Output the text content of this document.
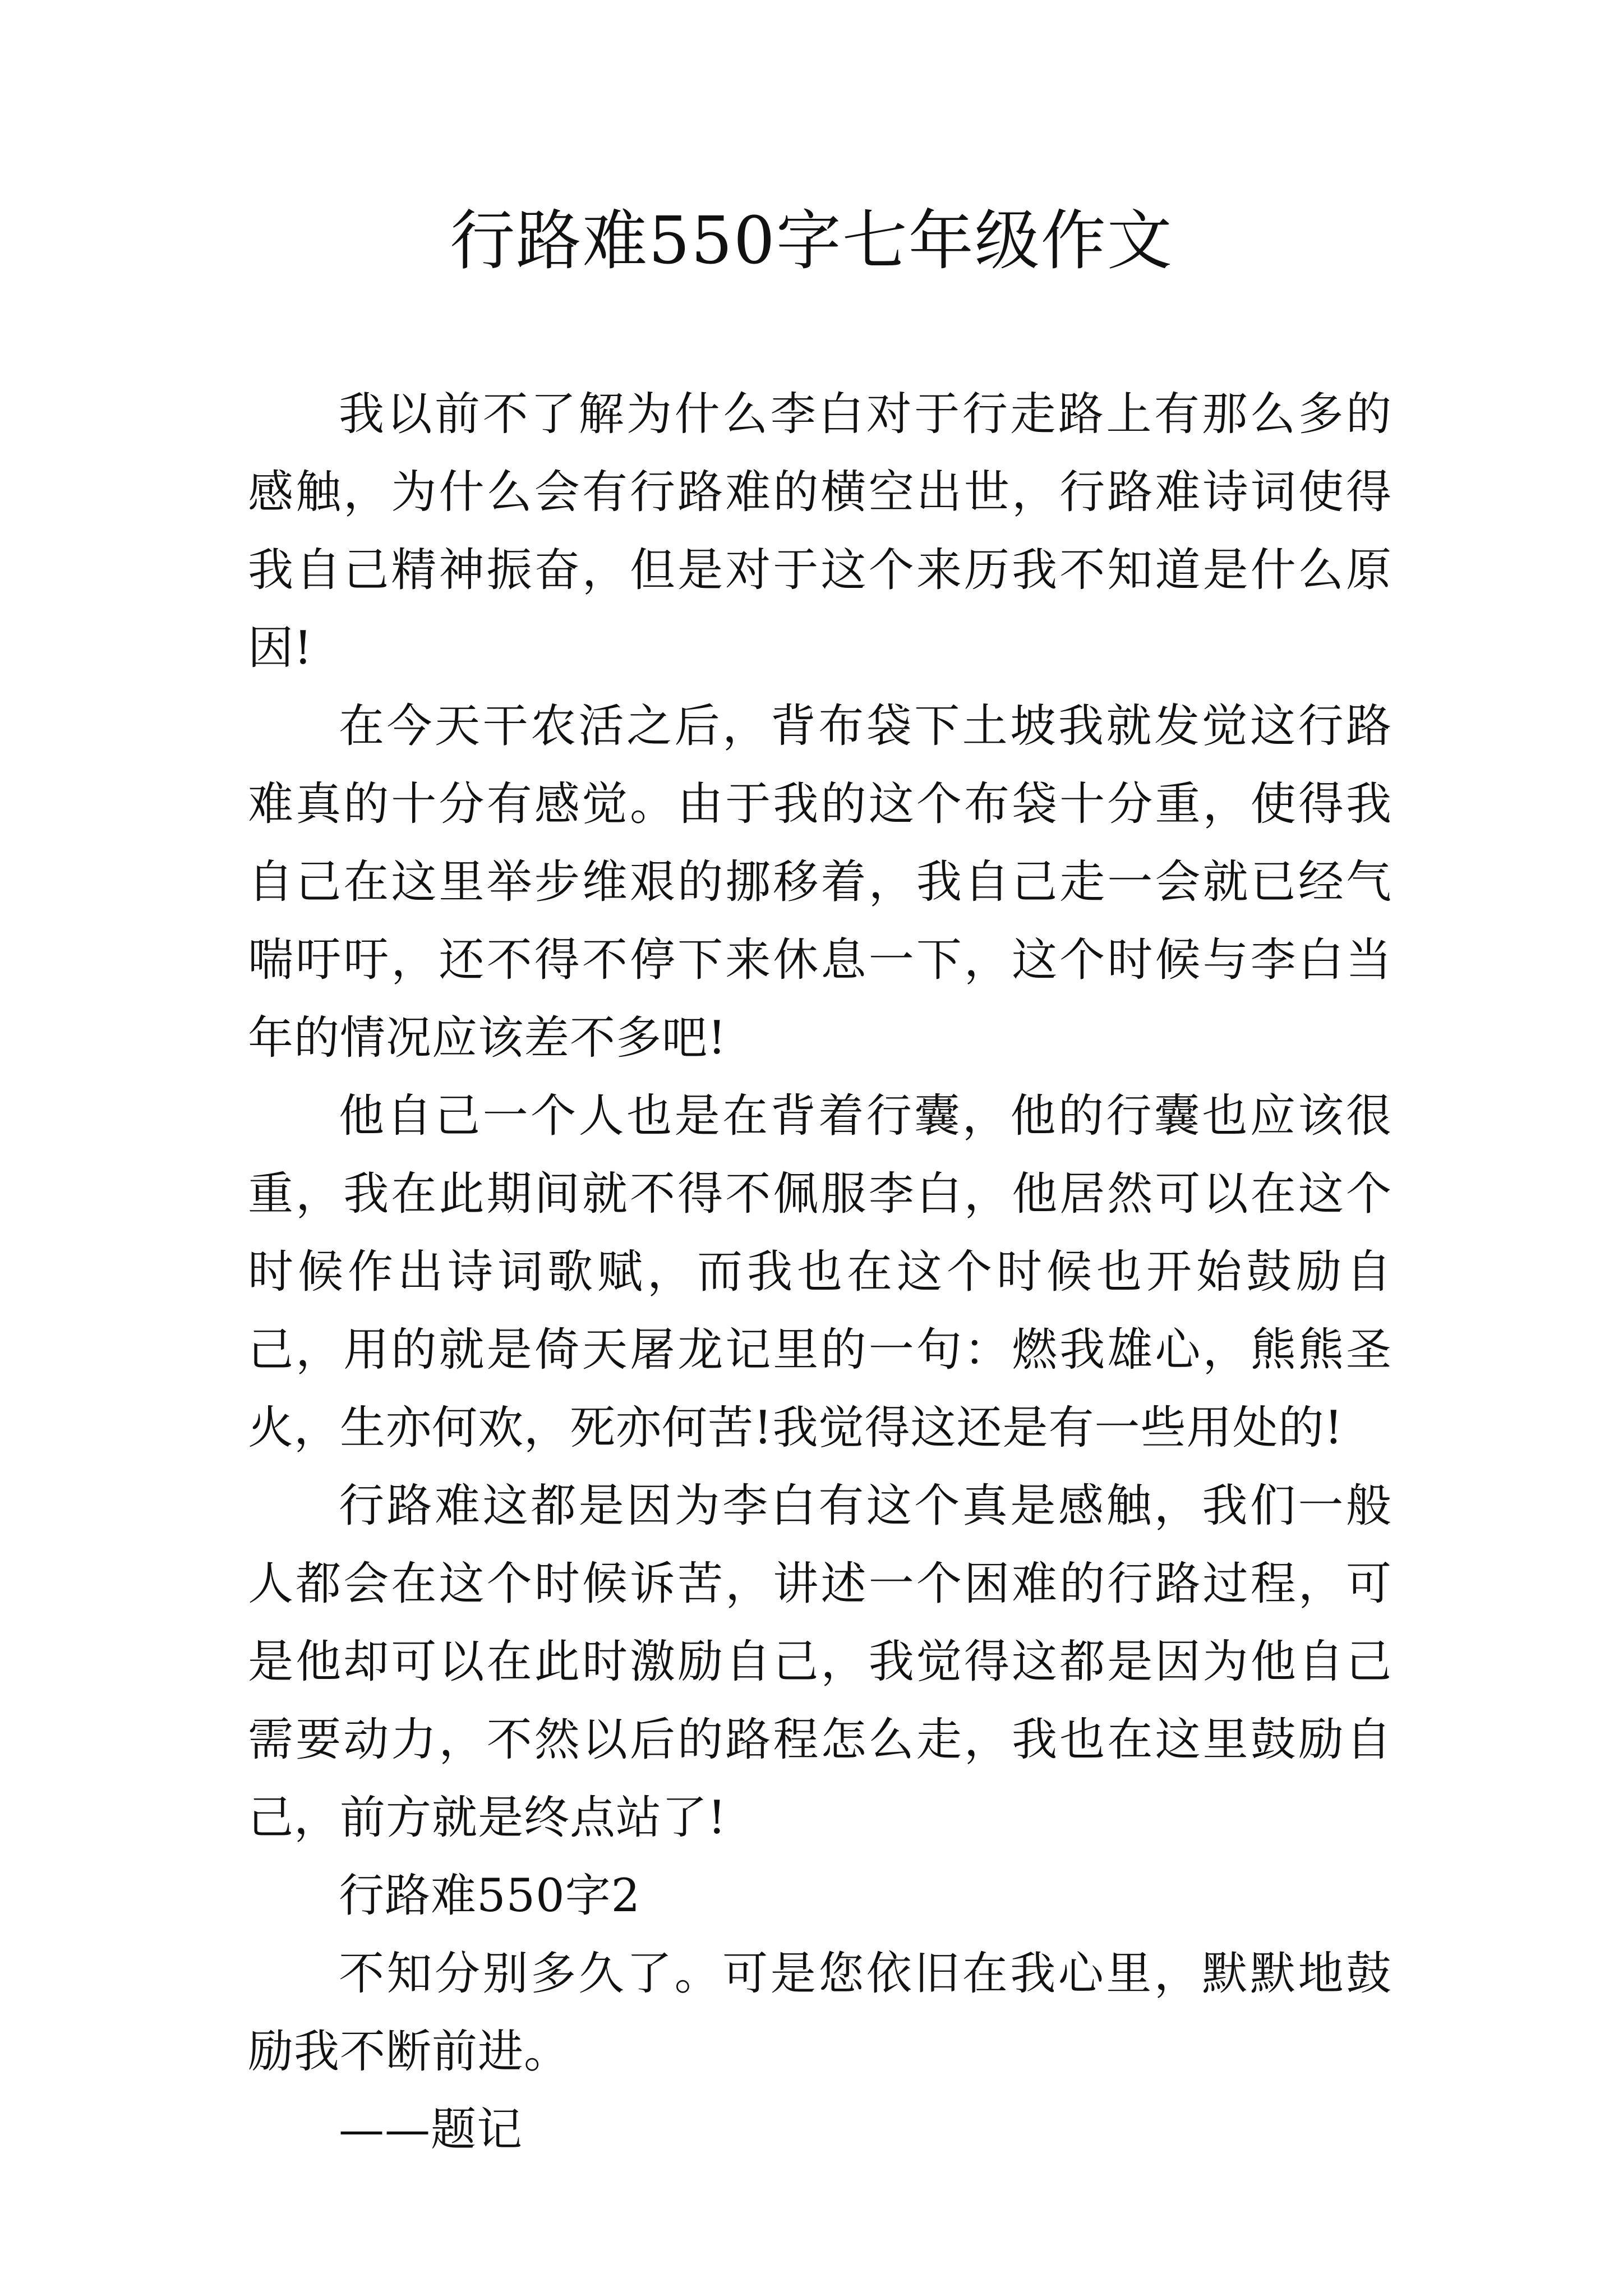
行路难550字七年级作文

我以前不了解为什么李白对于行走路上有那么多的感触，为什么会有行路难的横空出世，行路难诗词使得我自己精神振奋，但是对于这个来历我不知道是什么原因!

在今天干农活之后，背布袋下土坡我就发觉这行路难真的十分有感觉。由于我的这个布袋十分重，使得我自己在这里举步维艰的挪移着，我自己走一会就已经气喘吁吁，还不得不停下来休息一下，这个时候与李白当年的情况应该差不多吧!

他自己一个人也是在背着行囊，他的行囊也应该很重，我在此期间就不得不佩服李白，他居然可以在这个时候作出诗词歌赋，而我也在这个时候也开始鼓励自己，用的就是倚天屠龙记里的一句：燃我雄心，熊熊圣火，生亦何欢，死亦何苦!我觉得这还是有一些用处的!

行路难这都是因为李白有这个真是感触，我们一般人都会在这个时候诉苦，讲述一个困难的行路过程，可是他却可以在此时激励自己，我觉得这都是因为他自己需要动力，不然以后的路程怎么走，我也在这里鼓励自己，前方就是终点站了!

行路难550字2

不知分别多久了。可是您依旧在我心里，默默地鼓励我不断前进。

——题记
